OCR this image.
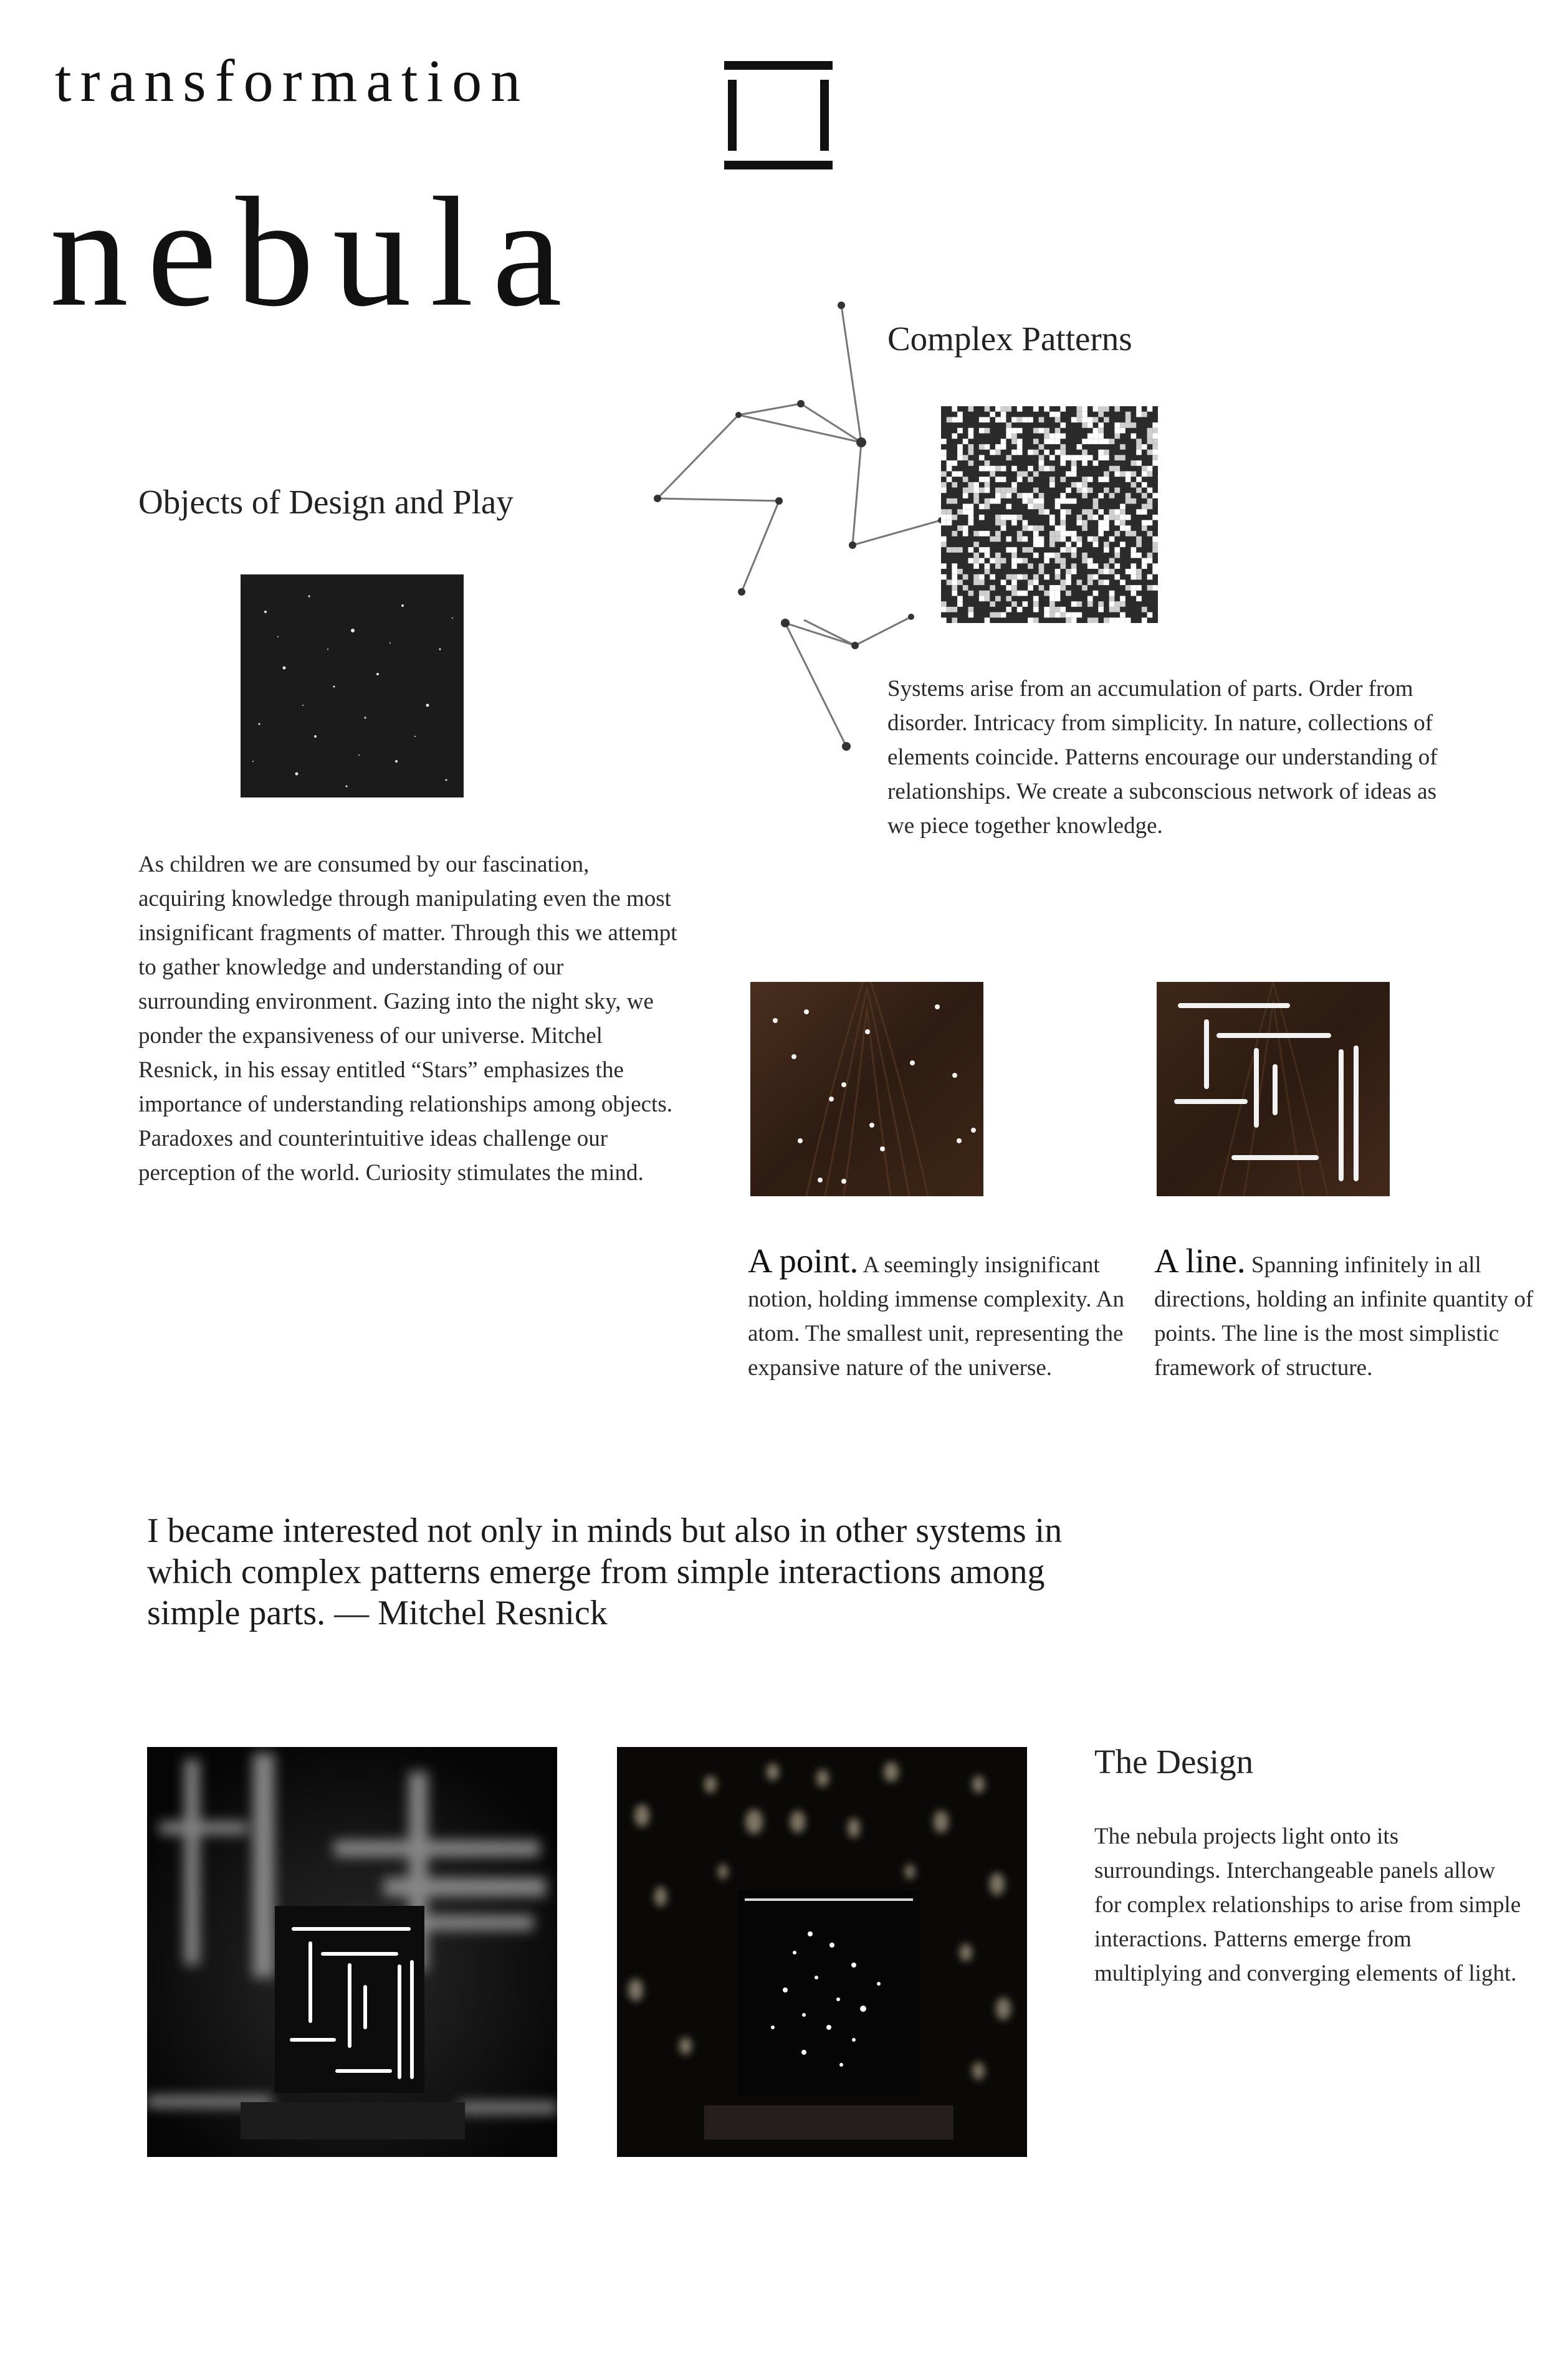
transformation
nebula
Objects of Design and Play
As children we are consumed by our fascination, acquiring knowledge through manipulating even the most insignificant fragments of matter. Through this we attempt to gather knowledge and understanding of our surrounding environment. Gazing into the night sky, we ponder the expansiveness of our universe. Mitchel Resnick, in his essay entitled “Stars” emphasizes the importance of understanding relationships among objects. Paradoxes and counterintuitive ideas challenge our perception of the world. Curiosity stimulates the mind.
Complex Patterns
Systems arise from an accumulation of parts. Order from disorder. Intricacy from simplicity. In nature, collections of elements coincide. Patterns encourage our understanding of relationships. We create a subconscious network of ideas as we piece together knowledge.
A point. A seemingly insignificant notion, holding immense complexity. An atom. The smallest unit, representing the expansive nature of the universe.
A line. Spanning infinitely in all directions, holding an infinite quantity of points. The line is the most simplistic framework of structure.
I became interested not only in minds but also in other systems in which complex patterns emerge from simple interactions among simple parts. — Mitchel Resnick
The Design
The nebula projects light onto its surroundings. Interchangeable panels allow for complex relationships to arise from simple interactions. Patterns emerge from multiplying and converging elements of light.
